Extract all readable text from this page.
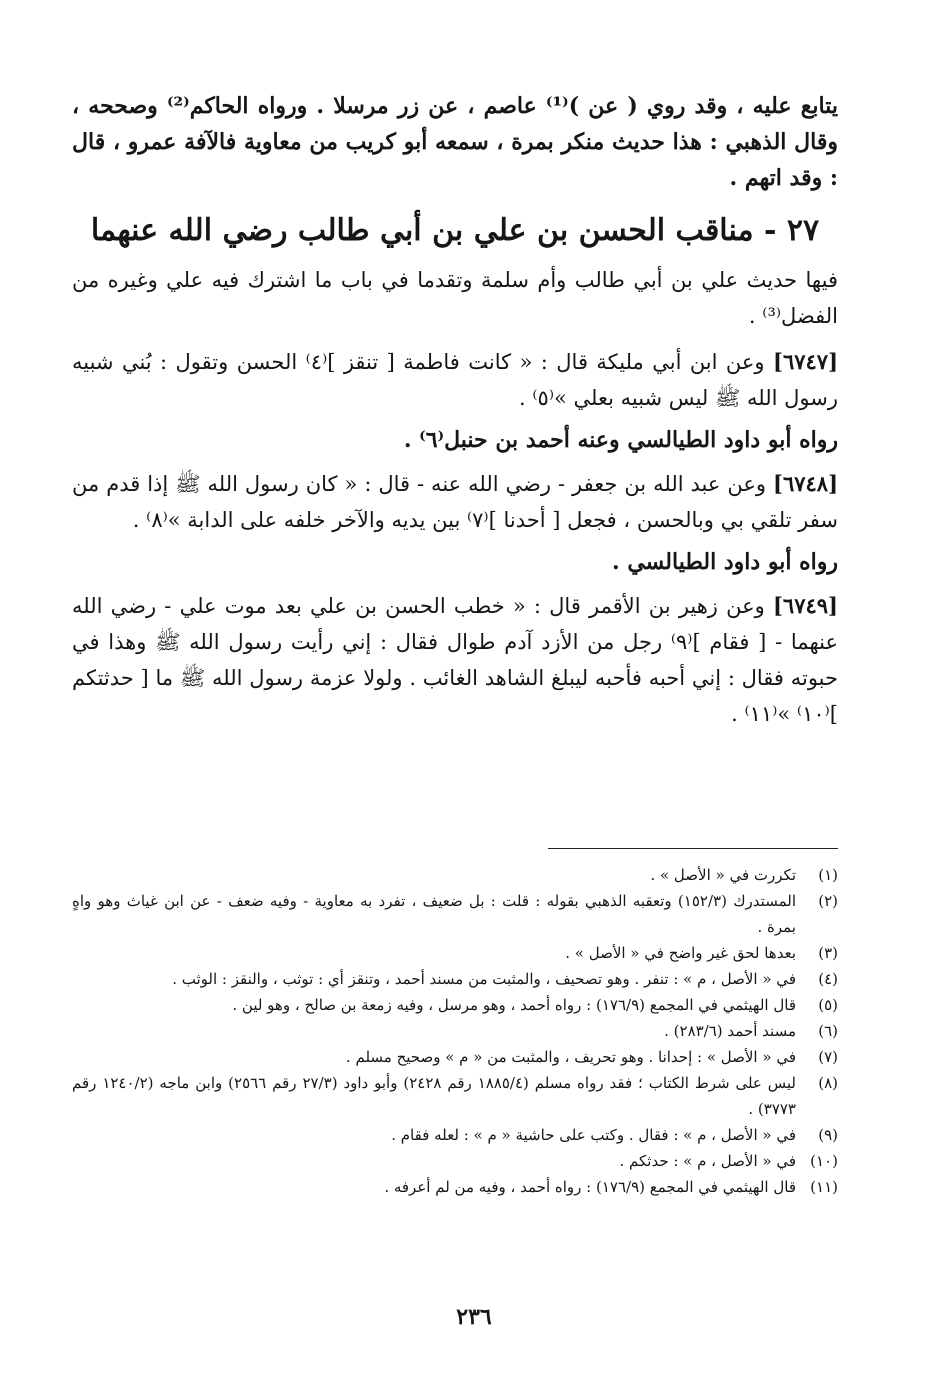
يتابع عليه ، وقد روي ( عن )⁽¹⁾ عاصم ، عن زر مرسلا . ورواه الحاكم⁽²⁾ وصححه ، وقال الذهبي : هذا حديث منكر بمرة ، سمعه أبو كريب من معاوية فالآفة عمرو ، قال : وقد اتهم .
٢٧ - مناقب الحسن بن علي بن أبي طالب رضي الله عنهما
فيها حديث علي بن أبي طالب وأم سلمة وتقدما في باب ما اشترك فيه علي وغيره من الفضل⁽³⁾ .
[٦٧٤٧] وعن ابن أبي مليكة قال : « كانت فاطمة [ تنقز ]⁽٤⁾ الحسن وتقول : بُني شبيه رسول الله ﷺ ليس شبيه بعلي »⁽٥⁾ .
رواه أبو داود الطيالسي وعنه أحمد بن حنبل⁽٦⁾ .
[٦٧٤٨] وعن عبد الله بن جعفر - رضي الله عنه - قال : « كان رسول الله ﷺ إذا قدم من سفر تلقي بي وبالحسن ، فجعل [ أحدنا ]⁽٧⁾ بين يديه والآخر خلفه على الدابة »⁽٨⁾ .
رواه أبو داود الطيالسي .
[٦٧٤٩] وعن زهير بن الأقمر قال : « خطب الحسن بن علي بعد موت علي - رضي الله عنهما - [ فقام ]⁽٩⁾ رجل من الأزد آدم طوال فقال : إني رأيت رسول الله ﷺ وهذا في حبوته فقال : إني أحبه فأحبه ليبلغ الشاهد الغائب . ولولا عزمة رسول الله ﷺ ما [ حدثتكم ]⁽١٠⁾ »⁽١١⁾ .
(١)
تكررت في « الأصل » .
(٢)
المستدرك (١٥٢/٣) وتعقبه الذهبي بقوله : قلت : بل ضعيف ، تفرد به معاوية - وفيه ضعف - عن ابن غياث وهو واهٍ بمرة .
(٣)
بعدها لحق غير واضح في « الأصل » .
(٤)
في « الأصل ، م » : تنفر . وهو تصحيف ، والمثبت من مسند أحمد ، وتنقز أي : توثب ، والنقز : الوثب .
(٥)
قال الهيثمي في المجمع (١٧٦/٩) : رواه أحمد ، وهو مرسل ، وفيه زمعة بن صالح ، وهو لين .
(٦)
مسند أحمد (٢٨٣/٦) .
(٧)
في « الأصل » : إحدانا . وهو تحريف ، والمثبت من « م » وصحيح مسلم .
(٨)
ليس على شرط الكتاب ؛ فقد رواه مسلم (١٨٨٥/٤ رقم ٢٤٢٨) وأبو داود (٢٧/٣ رقم ٢٥٦٦) وابن ماجه (١٢٤٠/٢ رقم ٣٧٧٣) .
(٩)
في « الأصل ، م » : فقال . وكتب على حاشية « م » : لعله فقام .
(١٠)
في « الأصل ، م » : حدثكم .
(١١)
قال الهيثمي في المجمع (١٧٦/٩) : رواه أحمد ، وفيه من لم أعرفه .
٢٣٦
